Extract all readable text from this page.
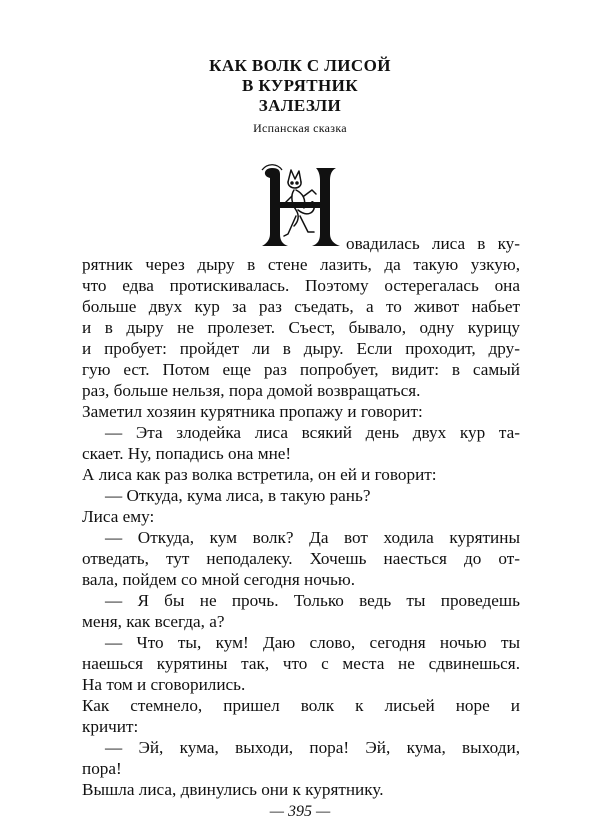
КАК ВОЛК С ЛИСОЙ
В КУРЯТНИК
ЗАЛЕЗЛИ
Испанская сказка
овадилась лиса в ку-
рятник через дыру в стене лазить, да такую узкую,
что едва протискивалась. Поэтому остерегалась она
больше двух кур за раз съедать, а то живот набьет
и в дыру не пролезет. Съест, бывало, одну курицу
и пробует: пройдет ли в дыру. Если проходит, дру-
гую ест. Потом еще раз попробует, видит: в самый
раз, больше нельзя, пора домой возвращаться.
Заметил хозяин курятника пропажу и говорит:
— Эта злодейка лиса всякий день двух кур та-
скает. Ну, попадись она мне!
А лиса как раз волка встретила, он ей и говорит:
— Откуда, кума лиса, в такую рань?
Лиса ему:
— Откуда, кум волк? Да вот ходила курятины
отведать, тут неподалеку. Хочешь наесться до от-
вала, пойдем со мной сегодня ночью.
— Я бы не прочь. Только ведь ты проведешь
меня, как всегда, а?
— Что ты, кум! Даю слово, сегодня ночью ты
наешься курятины так, что с места не сдвинешься.
На том и сговорились.
Как стемнело, пришел волк к лисьей норе и
кричит:
— Эй, кума, выходи, пора! Эй, кума, выходи,
пора!
Вышла лиса, двинулись они к курятнику.
— 395 —
